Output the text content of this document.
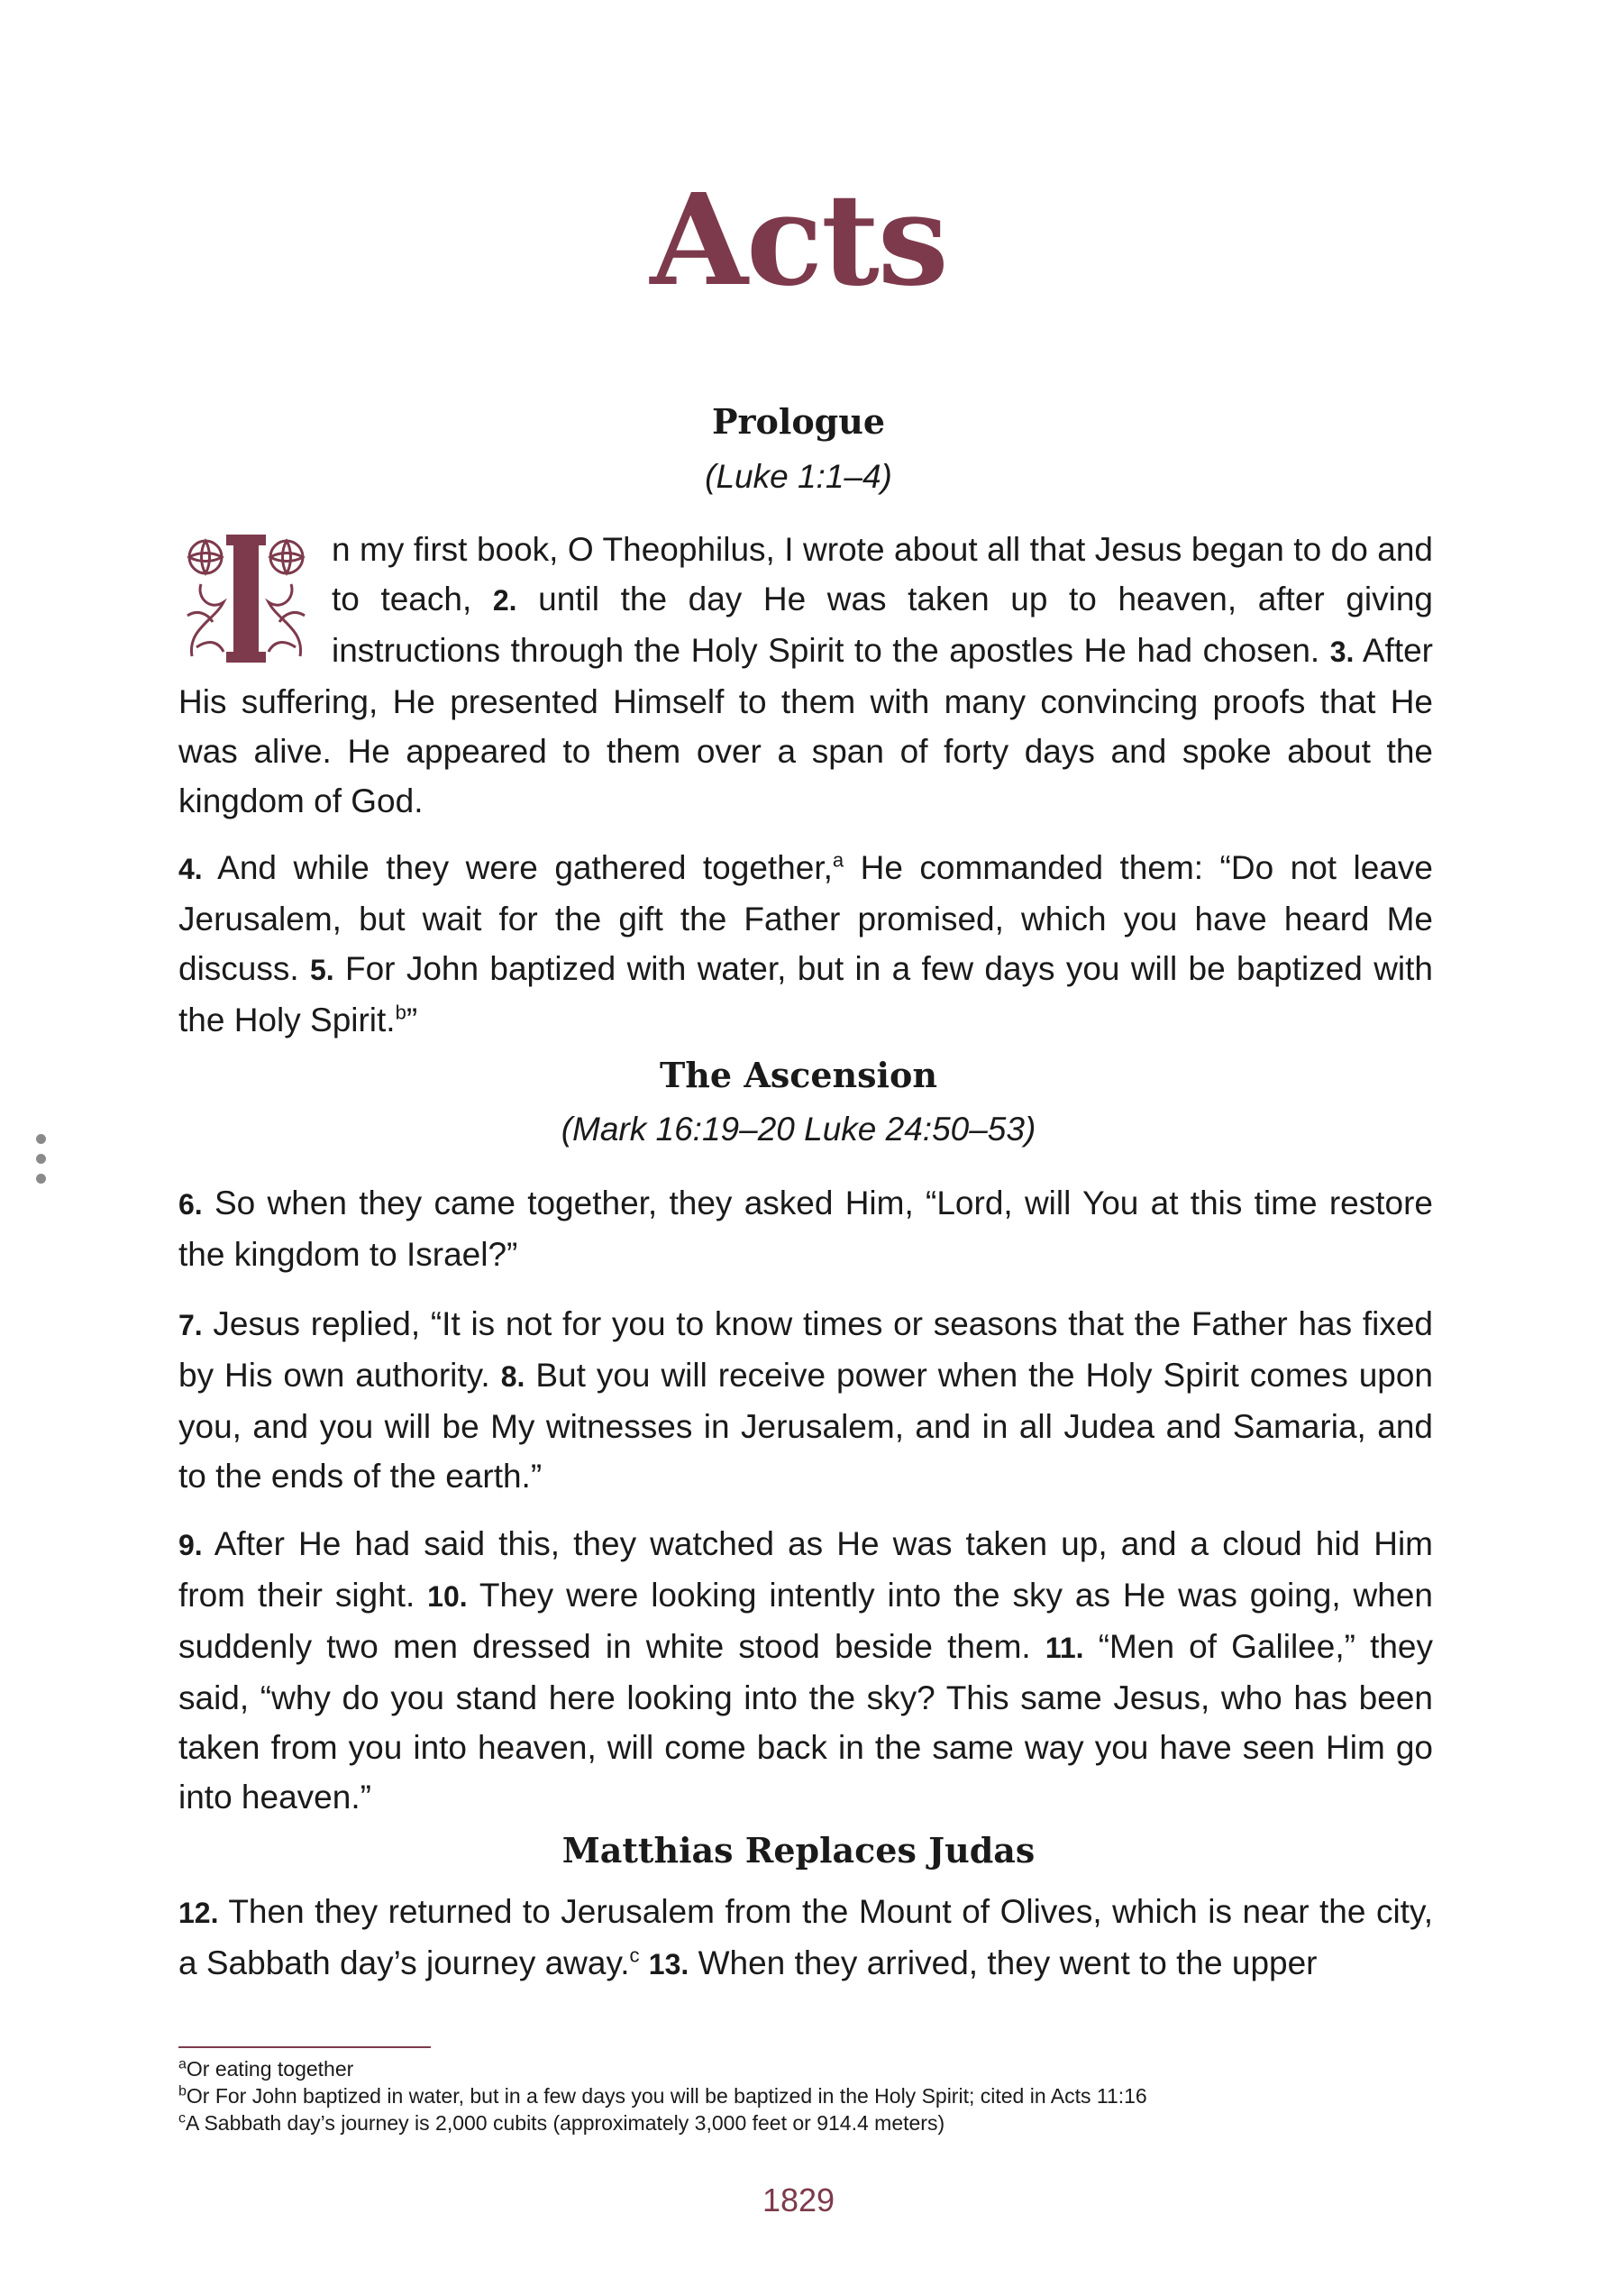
Acts
Prologue
(Luke 1:1–4)
n my first book, O Theophilus, I wrote about all that Jesus began to do and to teach, 2. until the day He was taken up to heaven, after giving instructions through the Holy Spirit to the apostles He had chosen. 3. After His suffering, He presented Himself to them with many convincing proofs that He was alive. He appeared to them over a span of forty days and spoke about the kingdom of God.
4. And while they were gathered together,$^a$ He commanded them: “Do not leave Jerusalem, but wait for the gift the Father promised, which you have heard Me discuss. 5. For John baptized with water, but in a few days you will be baptized with the Holy Spirit.$^b$”
The Ascension
(Mark 16:19–20 Luke 24:50–53)
6. So when they came together, they asked Him, “Lord, will You at this time restore the kingdom to Israel?”
7. Jesus replied, “It is not for you to know times or seasons that the Father has fixed by His own authority. 8. But you will receive power when the Holy Spirit comes upon you, and you will be My witnesses in Jerusalem, and in all Judea and Samaria, and to the ends of the earth.”
9. After He had said this, they watched as He was taken up, and a cloud hid Him from their sight. 10. They were looking intently into the sky as He was going, when suddenly two men dressed in white stood beside them. 11. “Men of Galilee,” they said, “why do you stand here looking into the sky? This same Jesus, who has been taken from you into heaven, will come back in the same way you have seen Him go into heaven.”
Matthias Replaces Judas
12. Then they returned to Jerusalem from the Mount of Olives, which is near the city, a Sabbath day’s journey away.$^c$ 13. When they arrived, they went to the upper
$^a$Or eating together
$^b$Or For John baptized in water, but in a few days you will be baptized in the Holy Spirit; cited in Acts 11:16
$^c$A Sabbath day’s journey is 2,000 cubits (approximately 3,000 feet or 914.4 meters)
1829
